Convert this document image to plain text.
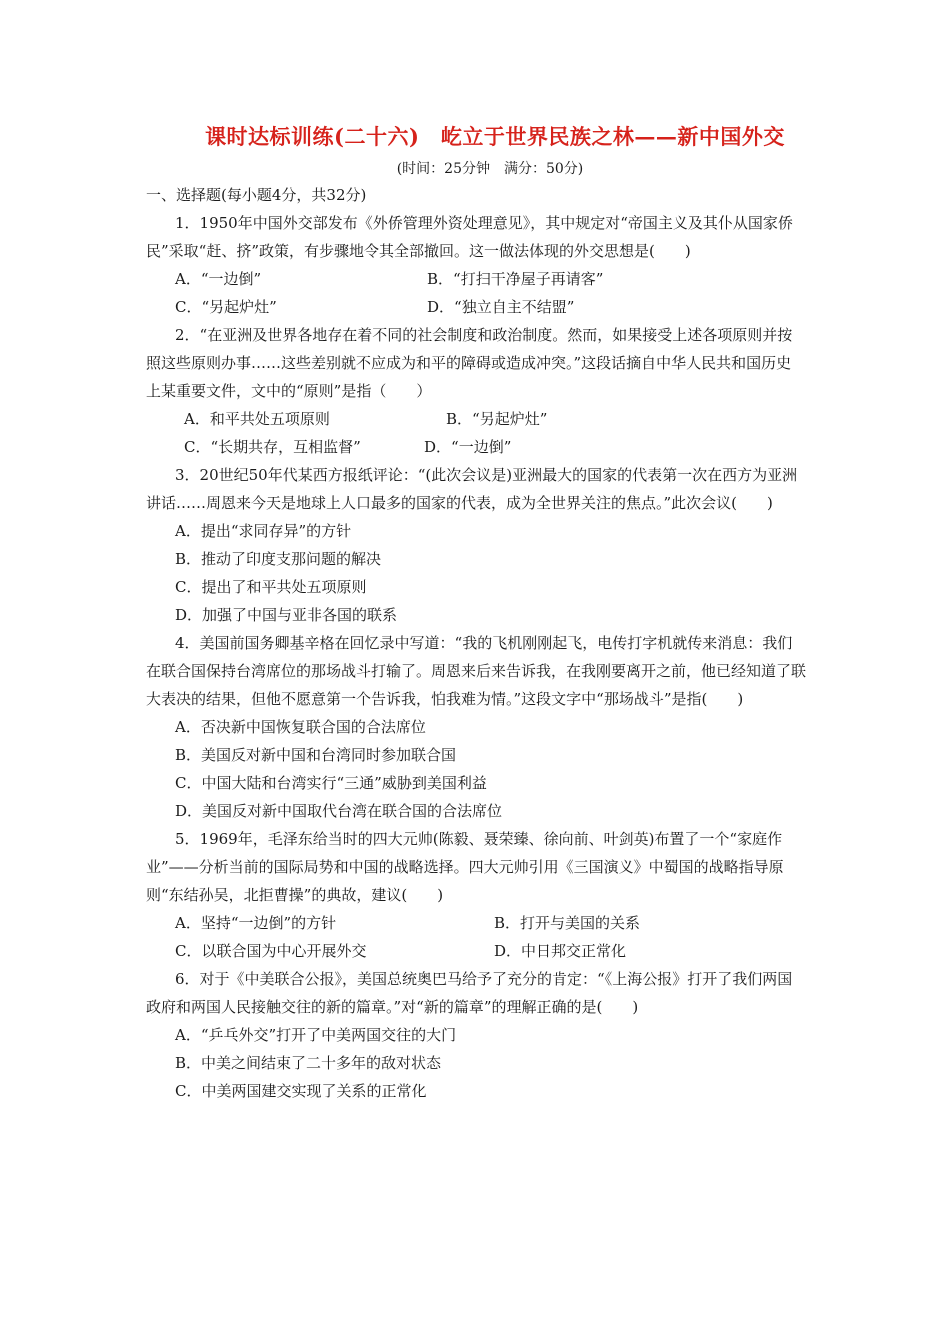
课时达标训练(二十六)　屹立于世界民族之林——新中国外交
(时间：25分钟　满分：50分)

一、选择题(每小题4分，共32分)

1．1950年中国外交部发布《外侨管理外资处理意见》，其中规定对“帝国主义及其仆从国家侨民”采取“赶、挤”政策，有步骤地令其全部撤回。这一做法体现的外交思想是(　　)

A．“一边倒”	B．“打扫干净屋子再请客”
C．“另起炉灶”	D．“独立自主不结盟”

2．“在亚洲及世界各地存在着不同的社会制度和政治制度。然而，如果接受上述各项原则并按照这些原则办事……这些差别就不应成为和平的障碍或造成冲突。”这段话摘自中华人民共和国历史上某重要文件，文中的“原则”是指（　　）

A．和平共处五项原则	B．“另起炉灶”
C．“长期共存，互相监督”	D．“一边倒”

3．20世纪50年代某西方报纸评论：“(此次会议是)亚洲最大的国家的代表第一次在西方为亚洲讲话……周恩来今天是地球上人口最多的国家的代表，成为全世界关注的焦点。”此次会议(　　)

A．提出“求同存异”的方针
B．推动了印度支那问题的解决
C．提出了和平共处五项原则
D．加强了中国与亚非各国的联系

4．美国前国务卿基辛格在回忆录中写道：“我的飞机刚刚起飞，电传打字机就传来消息：我们在联合国保持台湾席位的那场战斗打输了。周恩来后来告诉我，在我刚要离开之前，他已经知道了联大表决的结果，但他不愿意第一个告诉我，怕我难为情。”这段文字中“那场战斗”是指(　　)

A．否决新中国恢复联合国的合法席位
B．美国反对新中国和台湾同时参加联合国
C．中国大陆和台湾实行“三通”威胁到美国利益
D．美国反对新中国取代台湾在联合国的合法席位

5．1969年，毛泽东给当时的四大元帅(陈毅、聂荣臻、徐向前、叶剑英)布置了一个“家庭作业”——分析当前的国际局势和中国的战略选择。四大元帅引用《三国演义》中蜀国的战略指导原则“东结孙吴，北拒曹操”的典故，建议(　　)

A．坚持“一边倒”的方针	B．打开与美国的关系
C．以联合国为中心开展外交	D．中日邦交正常化

6．对于《中美联合公报》，美国总统奥巴马给予了充分的肯定：“《上海公报》打开了我们两国政府和两国人民接触交往的新的篇章。”对“新的篇章”的理解正确的是(　　)

A．“乒乓外交”打开了中美两国交往的大门
B．中美之间结束了二十多年的敌对状态
C．中美两国建交实现了关系的正常化
